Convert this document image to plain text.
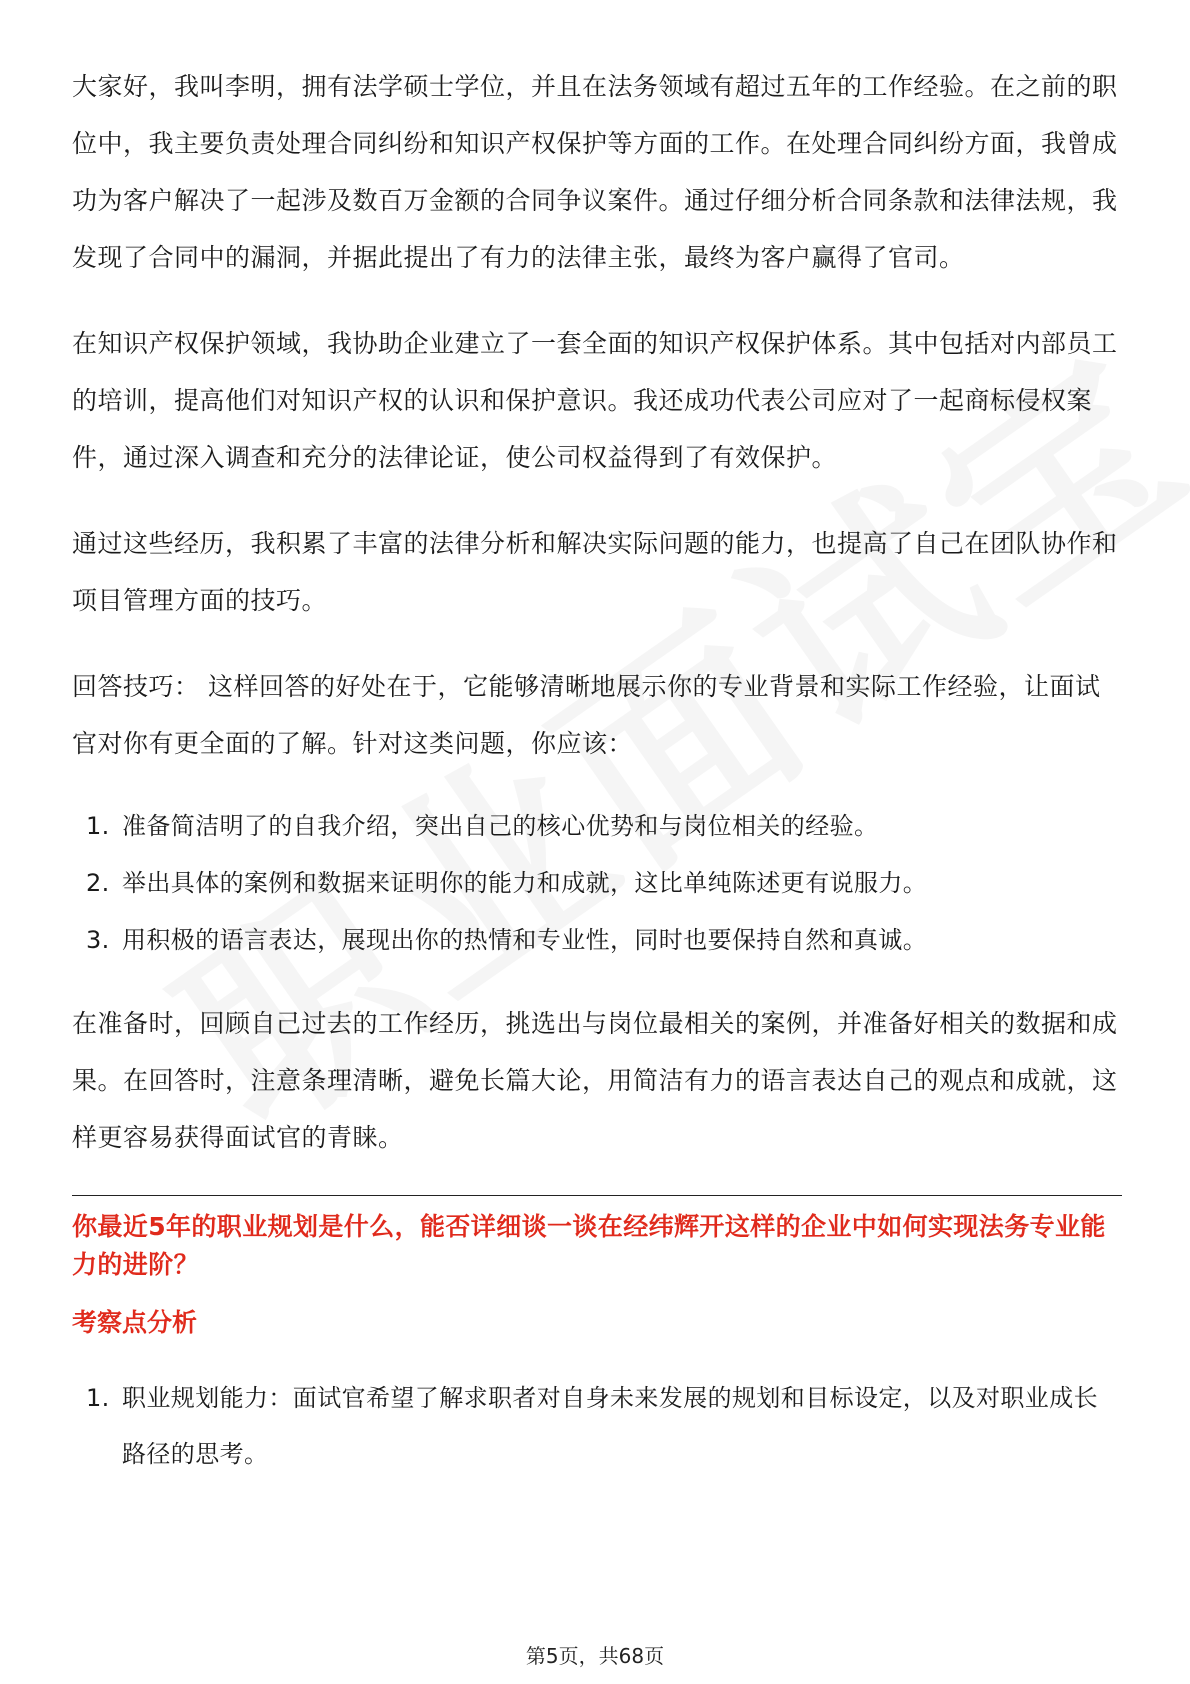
大家好，我叫李明，拥有法学硕士学位，并且在法务领域有超过五年的工作经验。在之前的职位中，我主要负责处理合同纠纷和知识产权保护等方面的工作。在处理合同纠纷方面，我曾成功为客户解决了一起涉及数百万金额的合同争议案件。通过仔细分析合同条款和法律法规，我发现了合同中的漏洞，并据此提出了有力的法律主张，最终为客户赢得了官司。

在知识产权保护领域，我协助企业建立了一套全面的知识产权保护体系。其中包括对内部员工的培训，提高他们对知识产权的认识和保护意识。我还成功代表公司应对了一起商标侵权案件，通过深入调查和充分的法律论证，使公司权益得到了有效保护。

通过这些经历，我积累了丰富的法律分析和解决实际问题的能力，也提高了自己在团队协作和项目管理方面的技巧。

回答技巧： 这样回答的好处在于，它能够清晰地展示你的专业背景和实际工作经验，让面试官对你有更全面的了解。针对这类问题，你应该：

1. 准备简洁明了的自我介绍，突出自己的核心优势和与岗位相关的经验。
2. 举出具体的案例和数据来证明你的能力和成就，这比单纯陈述更有说服力。
3. 用积极的语言表达，展现出你的热情和专业性，同时也要保持自然和真诚。

在准备时，回顾自己过去的工作经历，挑选出与岗位最相关的案例，并准备好相关的数据和成果。在回答时，注意条理清晰，避免长篇大论，用简洁有力的语言表达自己的观点和成就，这样更容易获得面试官的青睐。

你最近5年的职业规划是什么，能否详细谈一谈在经纬辉开这样的企业中如何实现法务专业能力的进阶？
考察点分析
1. 职业规划能力：面试官希望了解求职者对自身未来发展的规划和目标设定，以及对职业成长路径的思考。
第5页，共68页
